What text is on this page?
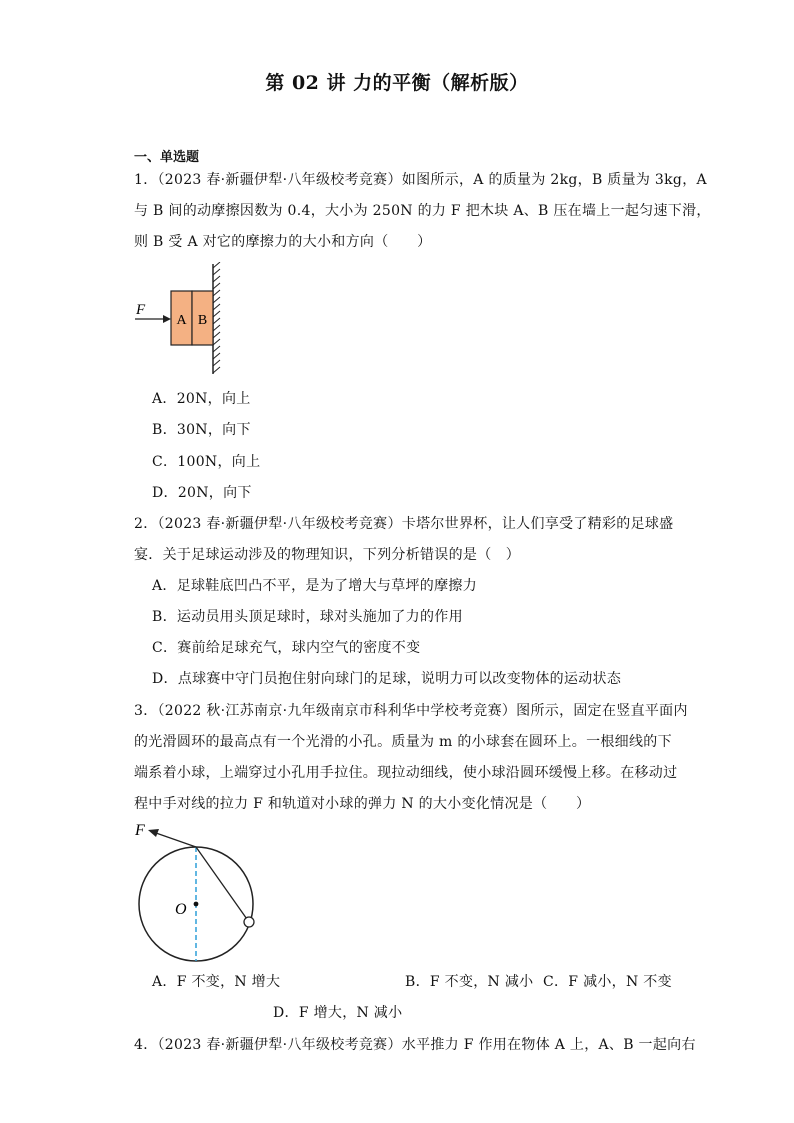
第 02 讲 力的平衡（解析版）
一、单选题
1．（2023 春·新疆伊犁·八年级校考竞赛）如图所示，A 的质量为 2kg，B 质量为 3kg，A
与 B 间的动摩擦因数为 0.4，大小为 250N 的力 F 把木块 A、B 压在墙上一起匀速下滑，
则 B 受 A 对它的摩擦力的大小和方向（　　）
A B
F
A．20N，向上
B．30N，向下
C．100N，向上
D．20N，向下
2．（2023 春·新疆伊犁·八年级校考竞赛）卡塔尔世界杯，让人们享受了精彩的足球盛
宴．关于足球运动涉及的物理知识，下列分析错误的是（　）
A．足球鞋底凹凸不平，是为了增大与草坪的摩擦力
B．运动员用头顶足球时，球对头施加了力的作用
C．赛前给足球充气，球内空气的密度不变
D．点球赛中守门员抱住射向球门的足球，说明力可以改变物体的运动状态
3．（2022 秋·江苏南京·九年级南京市科利华中学校考竞赛）图所示，固定在竖直平面内
的光滑圆环的最高点有一个光滑的小孔。质量为 m 的小球套在圆环上。一根细线的下
端系着小球，上端穿过小孔用手拉住。现拉动细线，使小球沿圆环缓慢上移。在移动过
程中手对线的拉力 F 和轨道对小球的弹力 N 的大小变化情况是（　　）
O
F
A．F 不变，N 增大	B．F 不变，N 减小 C．F 减小，N 不变
D．F 增大，N 减小
4．（2023 春·新疆伊犁·八年级校考竞赛）水平推力 F 作用在物体 A 上，A、B 一起向右
